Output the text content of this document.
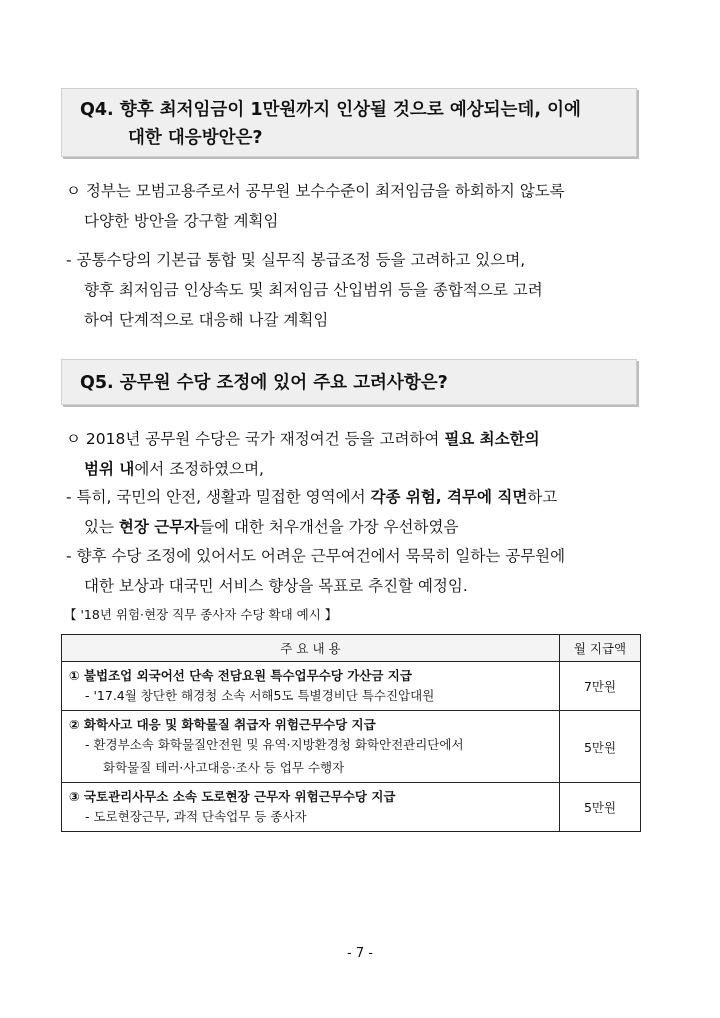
Q4. 향후 최저임금이 1만원까지 인상될 것으로 예상되는데, 이에
대한 대응방안은?
ㅇ 정부는 모범고용주로서 공무원 보수수준이 최저임금을 하회하지 않도록
다양한 방안을 강구할 계획임
- 공통수당의 기본급 통합 및 실무직 봉급조정 등을 고려하고 있으며,
향후 최저임금 인상속도 및 최저임금 산입범위 등을 종합적으로 고려
하여 단계적으로 대응해 나갈 계획임
Q5. 공무원 수당 조정에 있어 주요 고려사항은?
ㅇ 2018년 공무원 수당은 국가 재정여건 등을 고려하여 필요 최소한의
범위 내에서 조정하였으며,
- 특히, 국민의 안전, 생활과 밀접한 영역에서 각종 위험, 격무에 직면하고
있는 현장 근무자들에 대한 처우개선을 가장 우선하였음
- 향후 수당 조정에 있어서도 어려운 근무여건에서 묵묵히 일하는 공무원에
대한 보상과 대국민 서비스 향상을 목표로 추진할 예정임.
【 '18년 위험·현장 직무 종사자 수당 확대 예시 】
주 요 내 용	월 지급액

① 불법조업 외국어선 단속 전담요원 특수업무수당 가산금 지급
- '17.4월 창단한 해경청 소속 서해5도 특별경비단 특수진압대원	7만원

② 화학사고 대응 및 화학물질 취급자 위험근무수당 지급
- 환경부소속 화학물질안전원 및 유역·지방환경청 화학안전관리단에서
화학물질 테러·사고대응·조사 등 업무 수행자	5만원

③ 국토관리사무소 소속 도로현장 근무자 위험근무수당 지급
- 도로현장근무, 과적 단속업무 등 종사자	5만원
- 7 -
